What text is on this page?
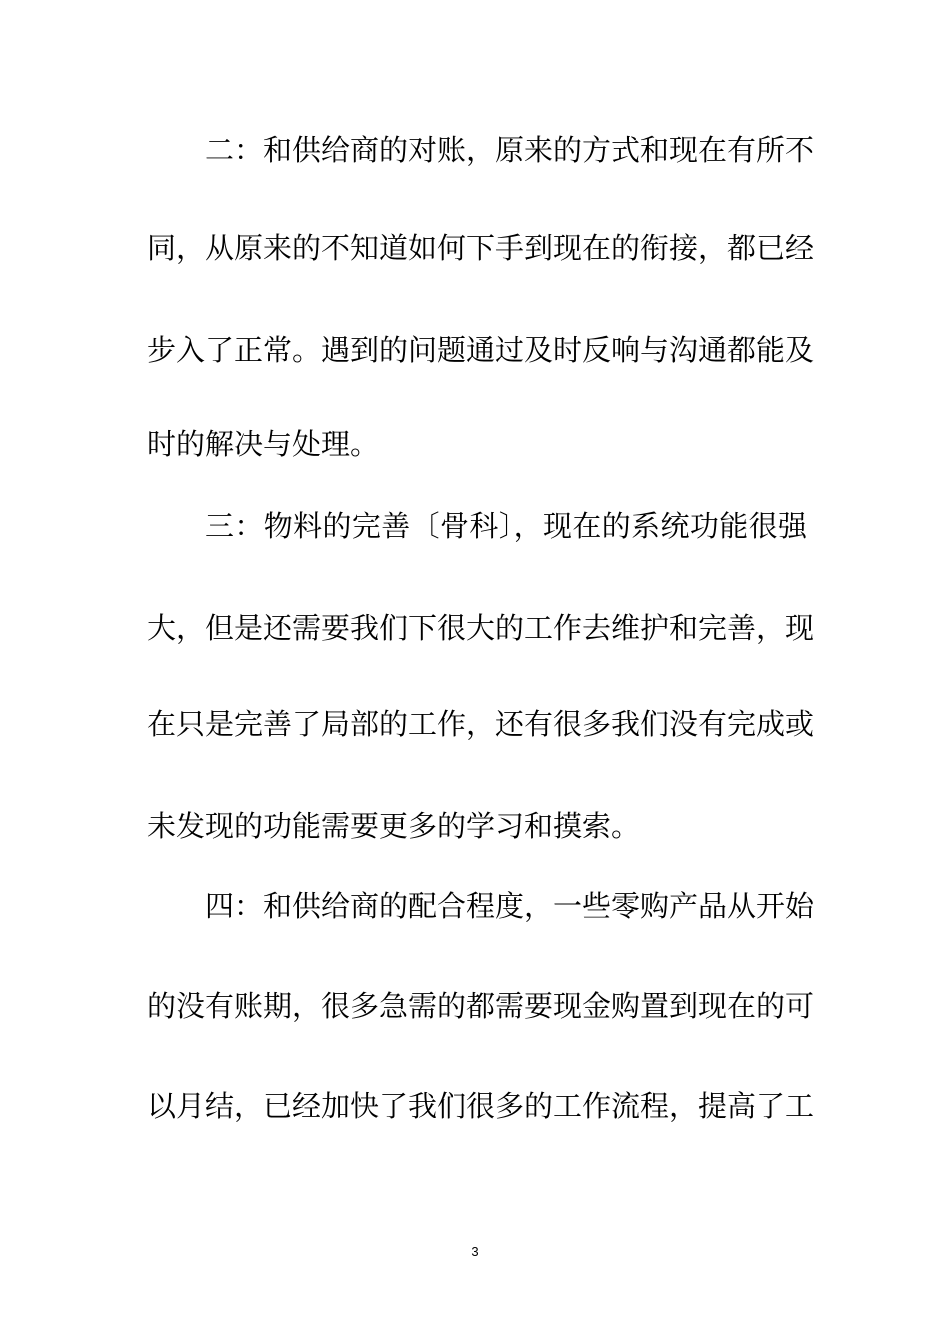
二：和供给商的对账，原来的方式和现在有所不
同，从原来的不知道如何下手到现在的衔接，都已经
步入了正常。遇到的问题通过及时反响与沟通都能及
时的解决与处理。
三：物料的完善〔骨科〕，现在的系统功能很强
大，但是还需要我们下很大的工作去维护和完善，现
在只是完善了局部的工作，还有很多我们没有完成或
未发现的功能需要更多的学习和摸索。
四：和供给商的配合程度，一些零购产品从开始
的没有账期，很多急需的都需要现金购置到现在的可
以月结，已经加快了我们很多的工作流程，提高了工
3
